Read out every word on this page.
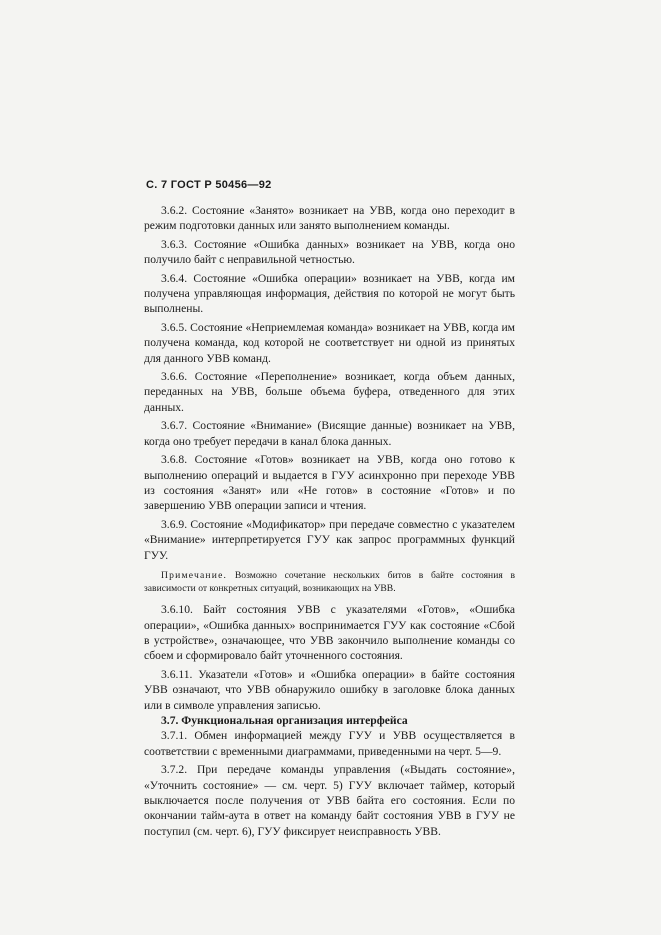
С. 7 ГОСТ Р 50456—92

3.6.2. Состояние «Занято» возникает на УВВ, когда оно переходит в режим подготовки данных или занято выполнением команды.

3.6.3. Состояние «Ошибка данных» возникает на УВВ, когда оно получило байт с неправильной четностью.

3.6.4. Состояние «Ошибка операции» возникает на УВВ, когда им получена управляющая информация, действия по которой не могут быть выполнены.

3.6.5. Состояние «Неприемлемая команда» возникает на УВВ, когда им получена команда, код которой не соответствует ни одной из принятых для данного УВВ команд.

3.6.6. Состояние «Переполнение» возникает, когда объем данных, переданных на УВВ, больше объема буфера, отведенного для этих данных.

3.6.7. Состояние «Внимание» (Висящие данные) возникает на УВВ, когда оно требует передачи в канал блока данных.

3.6.8. Состояние «Готов» возникает на УВВ, когда оно готово к выполнению операций и выдается в ГУУ асинхронно при переходе УВВ из состояния «Занят» или «Не готов» в состояние «Готов» и по завершению УВВ операции записи и чтения.

3.6.9. Состояние «Модификатор» при передаче совместно с указателем «Внимание» интерпретируется ГУУ как запрос программных функций ГУУ.

Примечание. Возможно сочетание нескольких битов в байте состояния в зависимости от конкретных ситуаций, возникающих на УВВ.

3.6.10. Байт состояния УВВ с указателями «Готов», «Ошибка операции», «Ошибка данных» воспринимается ГУУ как состояние «Сбой в устройстве», означающее, что УВВ закончило выполнение команды со сбоем и сформировало байт уточненного состояния.

3.6.11. Указатели «Готов» и «Ошибка операции» в байте состояния УВВ означают, что УВВ обнаружило ошибку в заголовке блока данных или в символе управления записью.

3.7. Функциональная организация интерфейса

3.7.1. Обмен информацией между ГУУ и УВВ осуществляется в соответствии с временными диаграммами, приведенными на черт. 5—9.

3.7.2. При передаче команды управления («Выдать состояние», «Уточнить состояние» — см. черт. 5) ГУУ включает таймер, который выключается после получения от УВВ байта его состояния. Если по окончании тайм-аута в ответ на команду байт состояния УВВ в ГУУ не поступил (см. черт. 6), ГУУ фиксирует неисправность УВВ.
